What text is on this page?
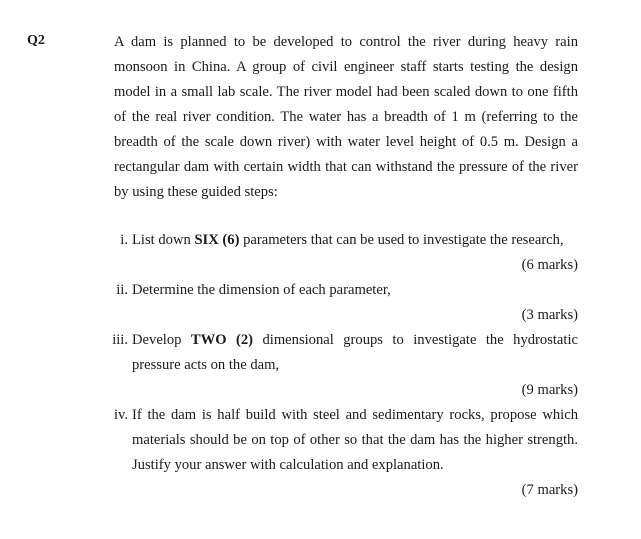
Q2	A dam is planned to be developed to control the river during heavy rain monsoon in China. A group of civil engineer staff starts testing the design model in a small lab scale. The river model had been scaled down to one fifth of the real river condition. The water has a breadth of 1 m (referring to the breadth of the scale down river) with water level height of 0.5 m. Design a rectangular dam with certain width that can withstand the pressure of the river by using these guided steps:
i. List down SIX (6) parameters that can be used to investigate the research,
(6 marks)
ii. Determine the dimension of each parameter,
(3 marks)
iii. Develop TWO (2) dimensional groups to investigate the hydrostatic pressure acts on the dam,
(9 marks)
iv. If the dam is half build with steel and sedimentary rocks, propose which materials should be on top of other so that the dam has the higher strength. Justify your answer with calculation and explanation.
(7 marks)
